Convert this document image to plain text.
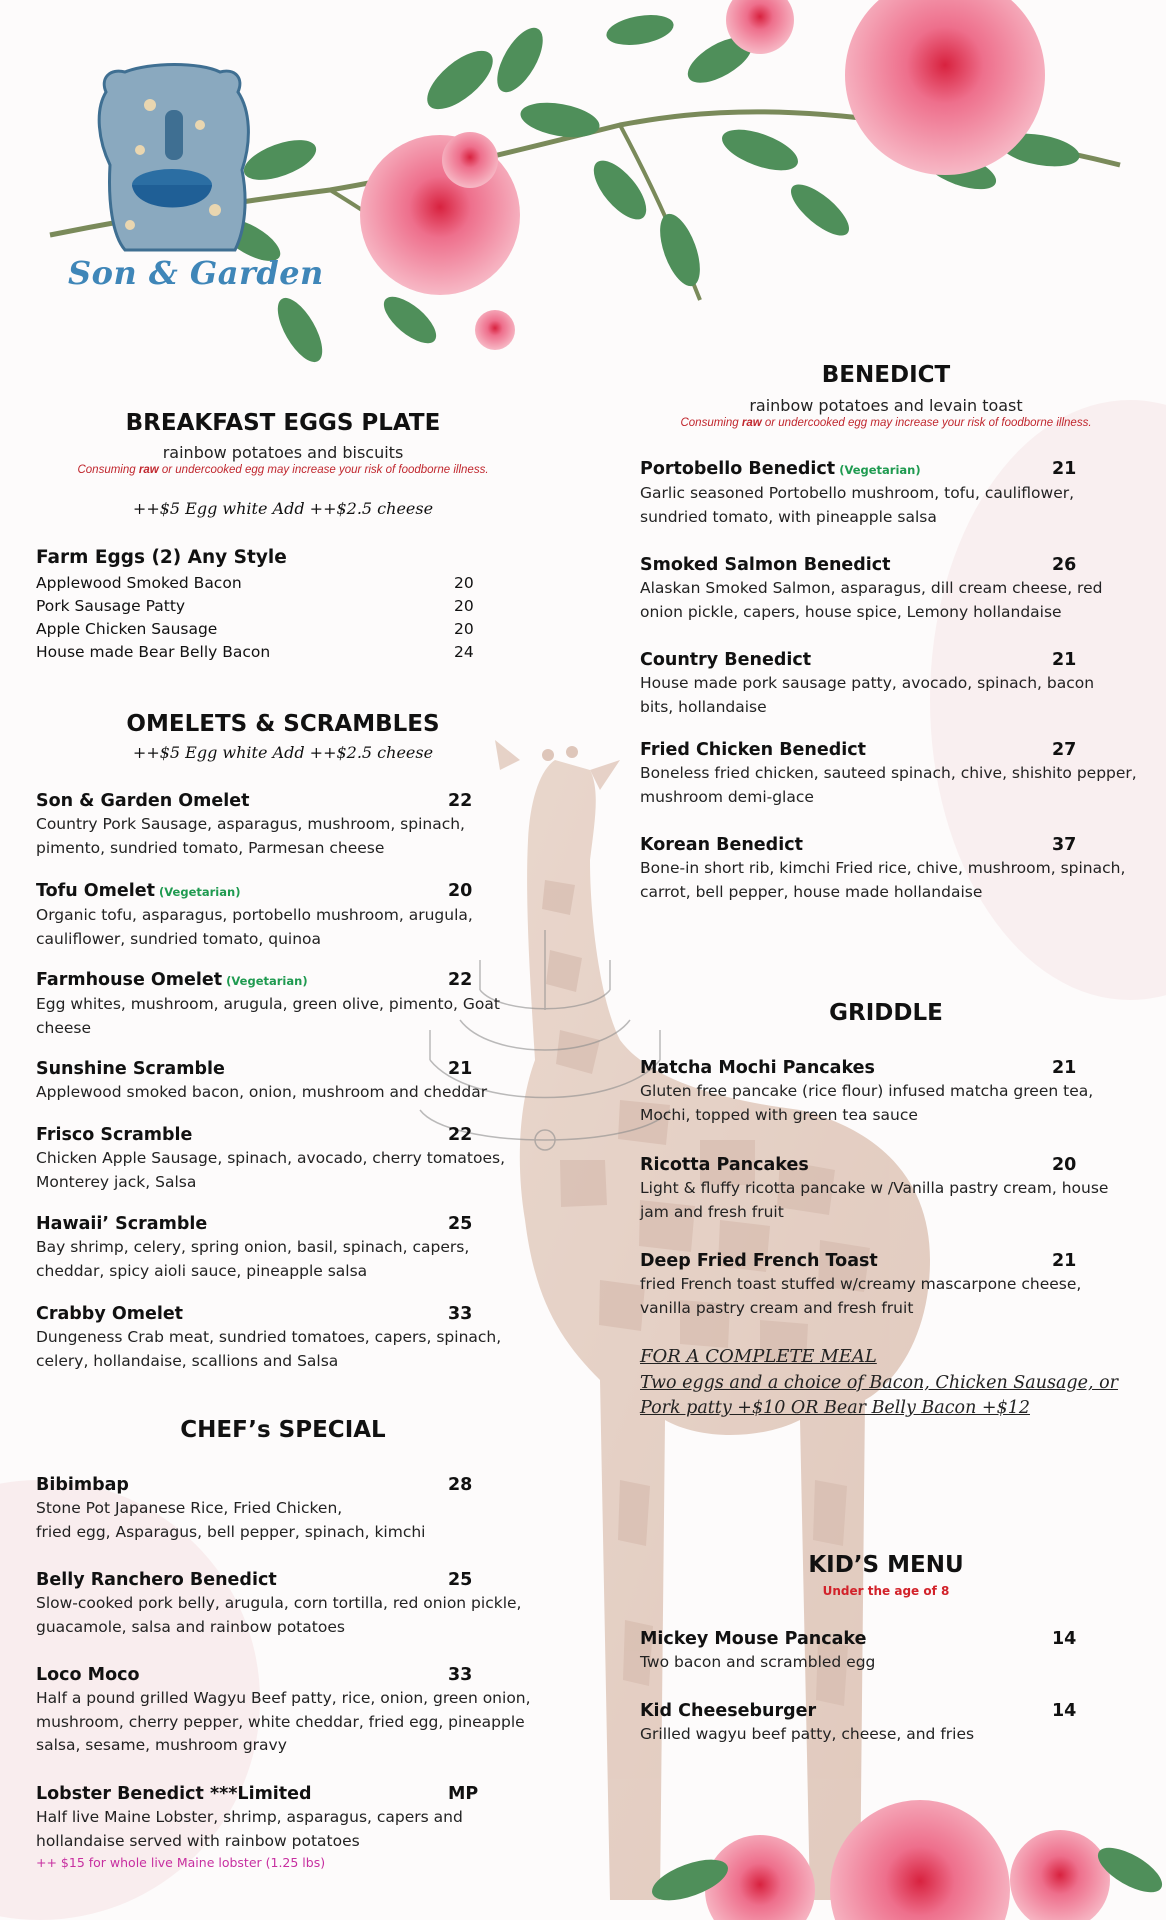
Son & Garden
BREAKFAST EGGS PLATE
rainbow potatoes and biscuits
Consuming raw or undercooked egg may increase your risk of foodborne illness.
++$5 Egg white Add ++$2.5 cheese
Farm Eggs (2) Any Style
Applewood Smoked Bacon	20
Pork Sausage Patty	20
Apple Chicken Sausage	20
House made Bear Belly Bacon	24
OMELETS & SCRAMBLES
++$5 Egg white Add ++$2.5 cheese
Son & Garden Omelet	22
Country Pork Sausage, asparagus, mushroom, spinach, pimento, sundried tomato, Parmesan cheese
Tofu Omelet (Vegetarian)	20
Organic tofu, asparagus, portobello mushroom, arugula, cauliflower, sundried tomato, quinoa
Farmhouse Omelet (Vegetarian)	22
Egg whites, mushroom, arugula, green olive, pimento, Goat cheese
Sunshine Scramble	21
Applewood smoked bacon, onion, mushroom and cheddar
Frisco Scramble	22
Chicken Apple Sausage, spinach, avocado, cherry tomatoes, Monterey jack, Salsa
Hawaii’ Scramble	25
Bay shrimp, celery, spring onion, basil, spinach, capers, cheddar, spicy aioli sauce, pineapple salsa
Crabby Omelet	33
Dungeness Crab meat, sundried tomatoes, capers, spinach, celery, hollandaise, scallions and Salsa
CHEF’s SPECIAL
Bibimbap	28
Stone Pot Japanese Rice, Fried Chicken,
fried egg, Asparagus, bell pepper, spinach, kimchi
Belly Ranchero Benedict	25
Slow-cooked pork belly, arugula, corn tortilla, red onion pickle, guacamole, salsa and rainbow potatoes
Loco Moco	33
Half a pound grilled Wagyu Beef patty, rice, onion, green onion, mushroom, cherry pepper, white cheddar, fried egg, pineapple salsa, sesame, mushroom gravy
Lobster Benedict ***Limited	MP
Half live Maine Lobster, shrimp, asparagus, capers and hollandaise served with rainbow potatoes
++ $15 for whole live Maine lobster (1.25 lbs)
BENEDICT
rainbow potatoes and levain toast
Consuming raw or undercooked egg may increase your risk of foodborne illness.
Portobello Benedict (Vegetarian)	21
Garlic seasoned Portobello mushroom, tofu, cauliflower, sundried tomato, with pineapple salsa
Smoked Salmon Benedict	26
Alaskan Smoked Salmon, asparagus, dill cream cheese, red onion pickle, capers, house spice, Lemony hollandaise
Country Benedict	21
House made pork sausage patty, avocado, spinach, bacon bits, hollandaise
Fried Chicken Benedict	27
Boneless fried chicken, sauteed spinach, chive, shishito pepper, mushroom demi-glace
Korean Benedict	37
Bone-in short rib, kimchi Fried rice, chive, mushroom, spinach, carrot, bell pepper, house made hollandaise
GRIDDLE
Matcha Mochi Pancakes	21
Gluten free pancake (rice flour) infused matcha green tea, Mochi, topped with green tea sauce
Ricotta Pancakes	20
Light & fluffy ricotta pancake w /Vanilla pastry cream, house jam and fresh fruit
Deep Fried French Toast	21
fried French toast stuffed w/creamy mascarpone cheese, vanilla pastry cream and fresh fruit
FOR A COMPLETE MEAL
Two eggs and a choice of Bacon, Chicken Sausage, or Pork patty +$10 OR Bear Belly Bacon +$12
KID’S MENU
Under the age of 8
Mickey Mouse Pancake	14
Two bacon and scrambled egg
Kid Cheeseburger	14
Grilled wagyu beef patty, cheese, and fries
